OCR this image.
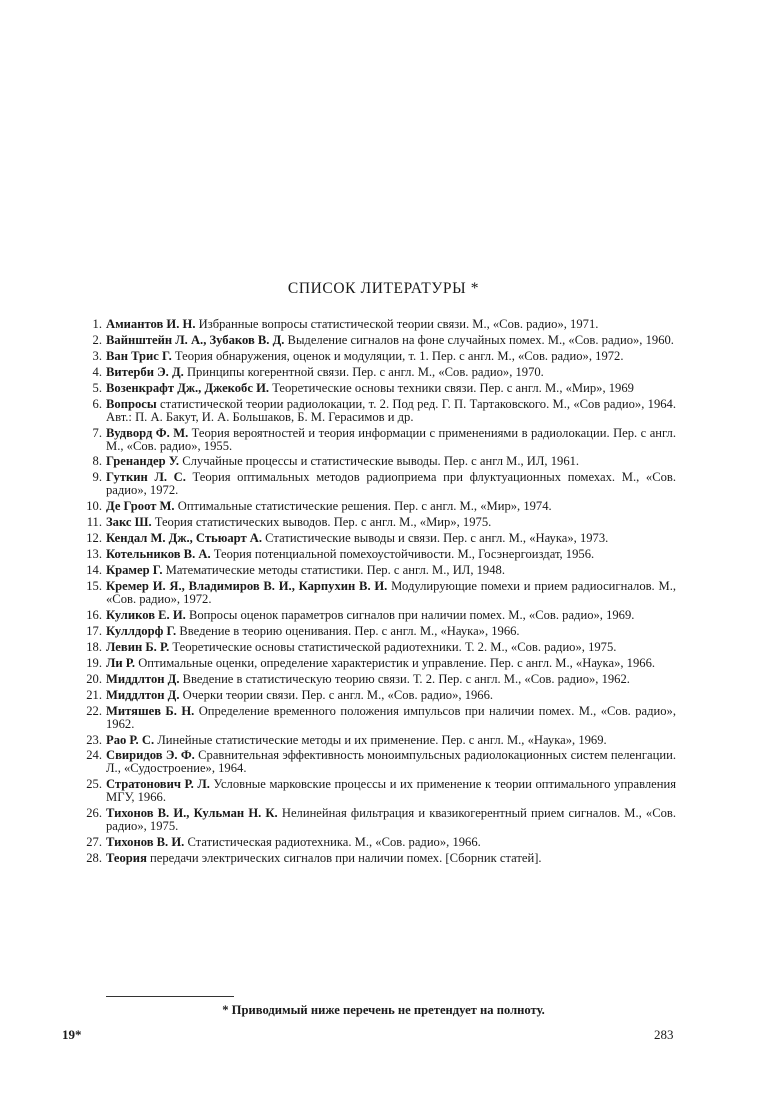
СПИСОК ЛИТЕРАТУРЫ *
1. Амиантов И. Н. Избранные вопросы статистической теории связи. М., «Сов. радио», 1971.
2. Вайнштейн Л. А., Зубаков В. Д. Выделение сигналов на фоне случайных помех. М., «Сов. радио», 1960.
3. Ван Трис Г. Теория обнаружения, оценок и модуляции, т. 1. Пер. с англ. М., «Сов. радио», 1972.
4. Витерби Э. Д. Принципы когерентной связи. Пер. с англ. М., «Сов. радио», 1970.
5. Возенкрафт Дж., Джекобс И. Теоретические основы техники связи. Пер. с англ. М., «Мир», 1969
6. Вопросы статистической теории радиолокации, т. 2. Под ред. Г. П. Тартаковского. М., «Сов радио», 1964. Авт.: П. А. Бакут, И. А. Большаков, Б. М. Герасимов и др.
7. Вудворд Ф. М. Теория вероятностей и теория информации с применениями в радиолокации. Пер. с англ. М., «Сов. радио», 1955.
8. Гренандер У. Случайные процессы и статистические выводы. Пер. с англ М., ИЛ, 1961.
9. Гуткин Л. С. Теория оптимальных методов радиоприема при флуктуационных помехах. М., «Сов. радио», 1972.
10. Де Гроот М. Оптимальные статистические решения. Пер. с англ. М., «Мир», 1974.
11. Закс Ш. Теория статистических выводов. Пер. с англ. М., «Мир», 1975.
12. Кендал М. Дж., Стьюарт А. Статистические выводы и связи. Пер. с англ. М., «Наука», 1973.
13. Котельников В. А. Теория потенциальной помехоустойчивости. М., Госэнергоиздат, 1956.
14. Крамер Г. Математические методы статистики. Пер. с англ. М., ИЛ, 1948.
15. Кремер И. Я., Владимиров В. И., Карпухин В. И. Модулирующие помехи и прием радиосигналов. М., «Сов. радио», 1972.
16. Куликов Е. И. Вопросы оценок параметров сигналов при наличии помех. М., «Сов. радио», 1969.
17. Куллдорф Г. Введение в теорию оценивания. Пер. с англ. М., «Наука», 1966.
18. Левин Б. Р. Теоретические основы статистической радиотехники. Т. 2. М., «Сов. радио», 1975.
19. Ли Р. Оптимальные оценки, определение характеристик и управление. Пер. с англ. М., «Наука», 1966.
20. Миддлтон Д. Введение в статистическую теорию связи. Т. 2. Пер. с англ. М., «Сов. радио», 1962.
21. Миддлтон Д. Очерки теории связи. Пер. с англ. М., «Сов. радио», 1966.
22. Митяшев Б. Н. Определение временного положения импульсов при наличии помех. М., «Сов. радио», 1962.
23. Рао Р. С. Линейные статистические методы и их применение. Пер. с англ. М., «Наука», 1969.
24. Свиридов Э. Ф. Сравнительная эффективность моноимпульсных радиолокационных систем пеленгации. Л., «Судостроение», 1964.
25. Стратонович Р. Л. Условные марковские процессы и их применение к теории оптимального управления МГУ, 1966.
26. Тихонов В. И., Кульман Н. К. Нелинейная фильтрация и квазикогерентный прием сигналов. М., «Сов. радио», 1975.
27. Тихонов В. И. Статистическая радиотехника. М., «Сов. радио», 1966.
28. Теория передачи электрических сигналов при наличии помех. [Сборник статей].
* Приводимый ниже перечень не претендует на полноту.
19*	283
